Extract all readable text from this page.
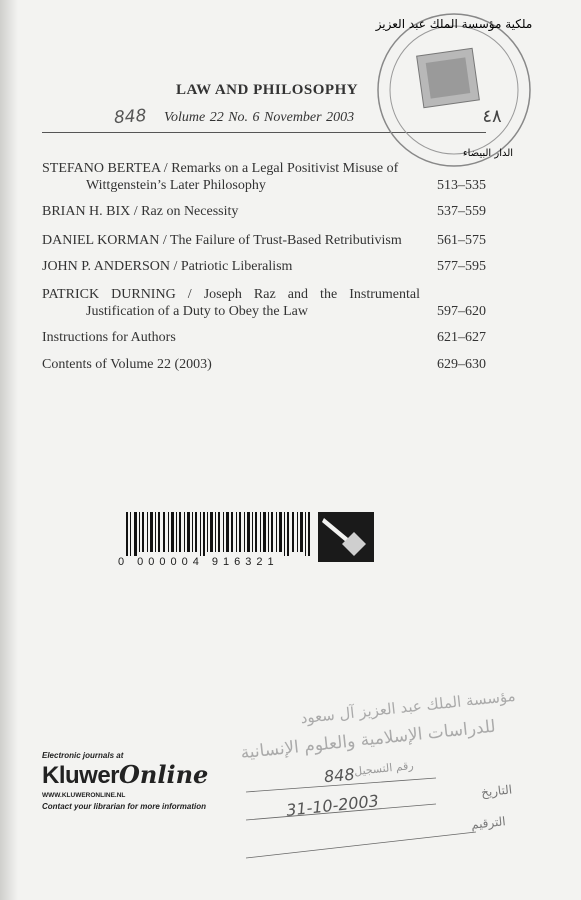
LAW AND PHILOSOPHY
848 Volume 22 No. 6 November 2003
STEFANO BERTEA / Remarks on a Legal Positivist Misuse of
Wittgenstein’s Later Philosophy	513–535
BRIAN H. BIX / Raz on Necessity	537–559
DANIEL KORMAN / The Failure of Trust-Based Retributivism	561–575
JOHN P. ANDERSON / Patriotic Liberalism	577–595
PATRICK DURNING / Joseph Raz and the Instrumental
Justification of a Duty to Obey the Law	597–620
Instructions for Authors	621–627
Contents of Volume 22 (2003)	629–630
0 000004 916321
ملكية مؤسسة الملك عبد العزيز
الدار البيضاء
٤٨
مؤسسة الملك عبد العزيز آل سعود
للدراسات الإسلامية والعلوم الإنسانية
رقم التسجيل
848
التاريخ
31-10-2003
الترقيم
Electronic journals at
KluwerOnline
WWW.KLUWERONLINE.NL
Contact your librarian for more information
